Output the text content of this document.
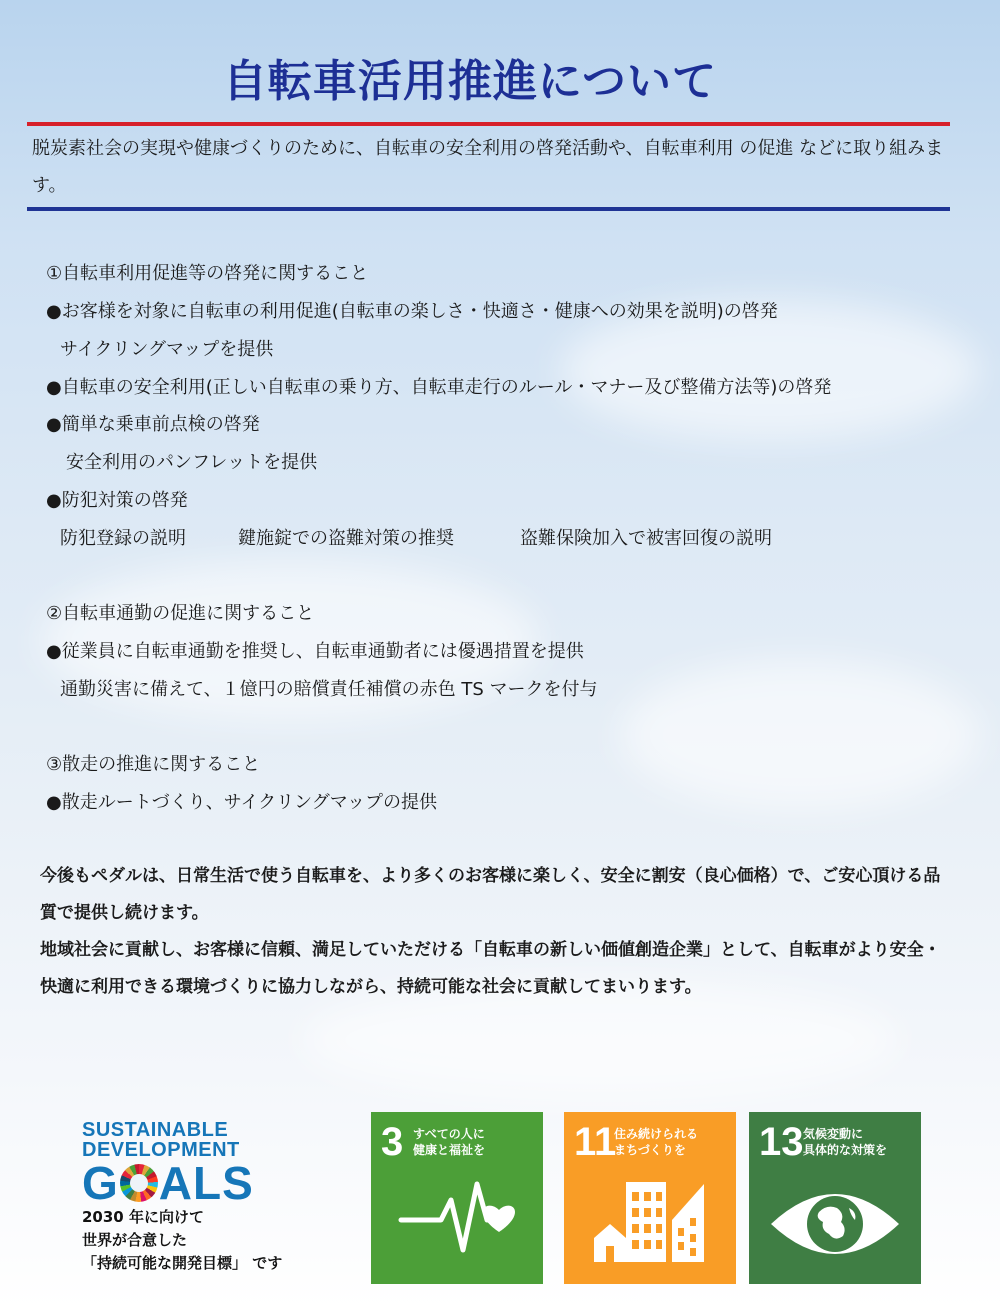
自転車活用推進について

脱炭素社会の実現や健康づくりのために、自転車の安全利用の啓発活動や、自転車利用 の促進 などに取り組みます。

①自転車利用促進等の啓発に関すること
●お客様を対象に自転車の利用促進(自転車の楽しさ・快適さ・健康への効果を説明)の啓発
サイクリングマップを提供
●自転車の安全利用(正しい自転車の乗り方、自転車走行のルール・マナー及び整備方法等)の啓発
●簡単な乗車前点検の啓発
安全利用のパンフレットを提供
●防犯対策の啓発
防犯登録の説明	鍵施錠での盗難対策の推奨	盗難保険加入で被害回復の説明
②自転車通勤の促進に関すること
●従業員に自転車通勤を推奨し、自転車通勤者には優遇措置を提供
通勤災害に備えて、１億円の賠償責任補償の赤色 TS マークを付与
③散走の推進に関すること
●散走ルートづくり、サイクリングマップの提供

今後もペダルは、日常生活で使う自転車を、より多くのお客様に楽しく、安全に割安（良心価格）で、ご安心頂ける品質で提供し続けます。

地域社会に貢献し、お客様に信頼、満足していただける「自転車の新しい価値創造企業」として、自転車がより安全・快適に利用できる環境づくりに協力しながら、持続可能な社会に貢献してまいります。

SUSTAINABLE
DEVELOPMENT
G ALS
2030 年に向けて
世界が合意した
「持続可能な開発目標」 です
3 すべての人に
健康と福祉を 11
住み続けられる
まちづくりを	13 気候変動に
具体的な対策を
